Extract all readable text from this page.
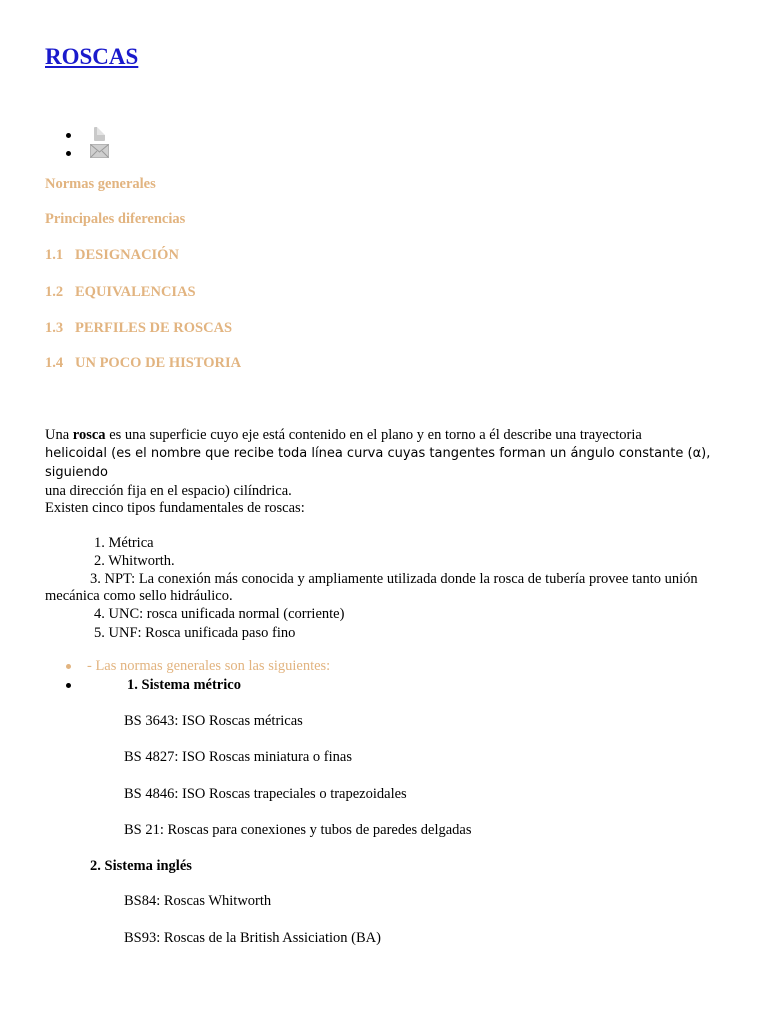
ROSCAS
Normas generales
Principales diferencias
1.1 DESIGNACIÓN
1.2 EQUIVALENCIAS
1.3 PERFILES DE ROSCAS
1.4 UN POCO DE HISTORIA
Una rosca es una superficie cuyo eje está contenido en el plano y en torno a él describe una trayectoria
helicoidal (es el nombre que recibe toda línea curva cuyas tangentes forman un ángulo constante (α), siguiendo
una dirección fija en el espacio) cilíndrica.
Existen cinco tipos fundamentales de roscas:
1. Métrica
2. Whitworth.
3. NPT: La conexión más conocida y ampliamente utilizada donde la rosca de tubería provee tanto unión
mecánica como sello hidráulico.
4. UNC: rosca unificada normal (corriente)
5. UNF: Rosca unificada paso fino
- Las normas generales son las siguientes:
1. Sistema métrico
BS 3643: ISO Roscas métricas
BS 4827: ISO Roscas miniatura o finas
BS 4846: ISO Roscas trapeciales o trapezoidales
BS 21: Roscas para conexiones y tubos de paredes delgadas
2. Sistema inglés
BS84: Roscas Whitworth
BS93: Roscas de la British Assiciation (BA)
